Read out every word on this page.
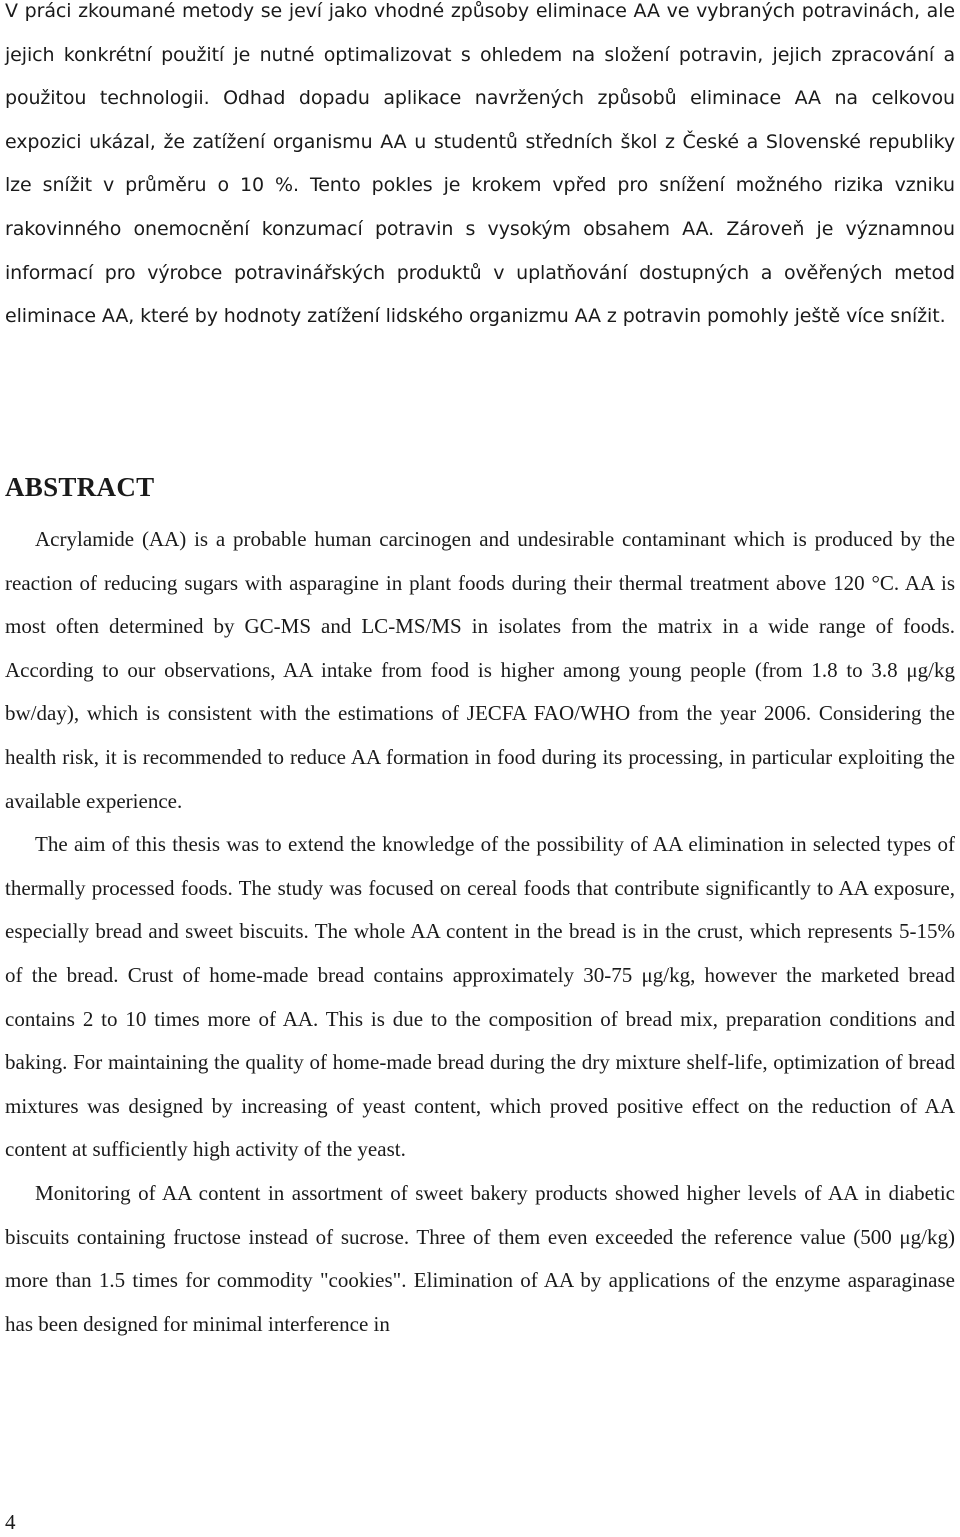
V práci zkoumané metody se jeví jako vhodné způsoby eliminace AA ve vybraných potravinách, ale jejich konkrétní použití je nutné optimalizovat s ohledem na složení potravin, jejich zpracování a použitou technologii. Odhad dopadu aplikace navržených způsobů eliminace AA na celkovou expozici ukázal, že zatížení organismu AA u studentů středních škol z České a Slovenské republiky lze snížit v průměru o 10 %. Tento pokles je krokem vpřed pro snížení možného rizika vzniku rakovinného onemocnění konzumací potravin s vysokým obsahem AA. Zároveň je významnou informací pro výrobce potravinářských produktů v uplatňování dostupných a ověřených metod eliminace AA, které by hodnoty zatížení lidského organizmu AA z potravin pomohly ještě více snížit.

ABSTRACT

Acrylamide (AA) is a probable human carcinogen and undesirable contaminant which is produced by the reaction of reducing sugars with asparagine in plant foods during their thermal treatment above 120 °C. AA is most often determined by GC-MS and LC-MS/MS in isolates from the matrix in a wide range of foods. According to our observations, AA intake from food is higher among young people (from 1.8 to 3.8 μg/kg bw/day), which is consistent with the estimations of JECFA FAO/WHO from the year 2006. Considering the health risk, it is recommended to reduce AA formation in food during its processing, in particular exploiting the available experience.

The aim of this thesis was to extend the knowledge of the possibility of AA elimination in selected types of thermally processed foods. The study was focused on cereal foods that contribute significantly to AA exposure, especially bread and sweet biscuits. The whole AA content in the bread is in the crust, which represents 5-15% of the bread. Crust of home-made bread contains approximately 30-75 μg/kg, however the marketed bread contains 2 to 10 times more of AA. This is due to the composition of bread mix, preparation conditions and baking. For maintaining the quality of home-made bread during the dry mixture shelf-life, optimization of bread mixtures was designed by increasing of yeast content, which proved positive effect on the reduction of AA content at sufficiently high activity of the yeast.

Monitoring of AA content in assortment of sweet bakery products showed higher levels of AA in diabetic biscuits containing fructose instead of sucrose. Three of them even exceeded the reference value (500 μg/kg) more than 1.5 times for commodity "cookies". Elimination of AA by applications of the enzyme asparaginase has been designed for minimal interference in

4
